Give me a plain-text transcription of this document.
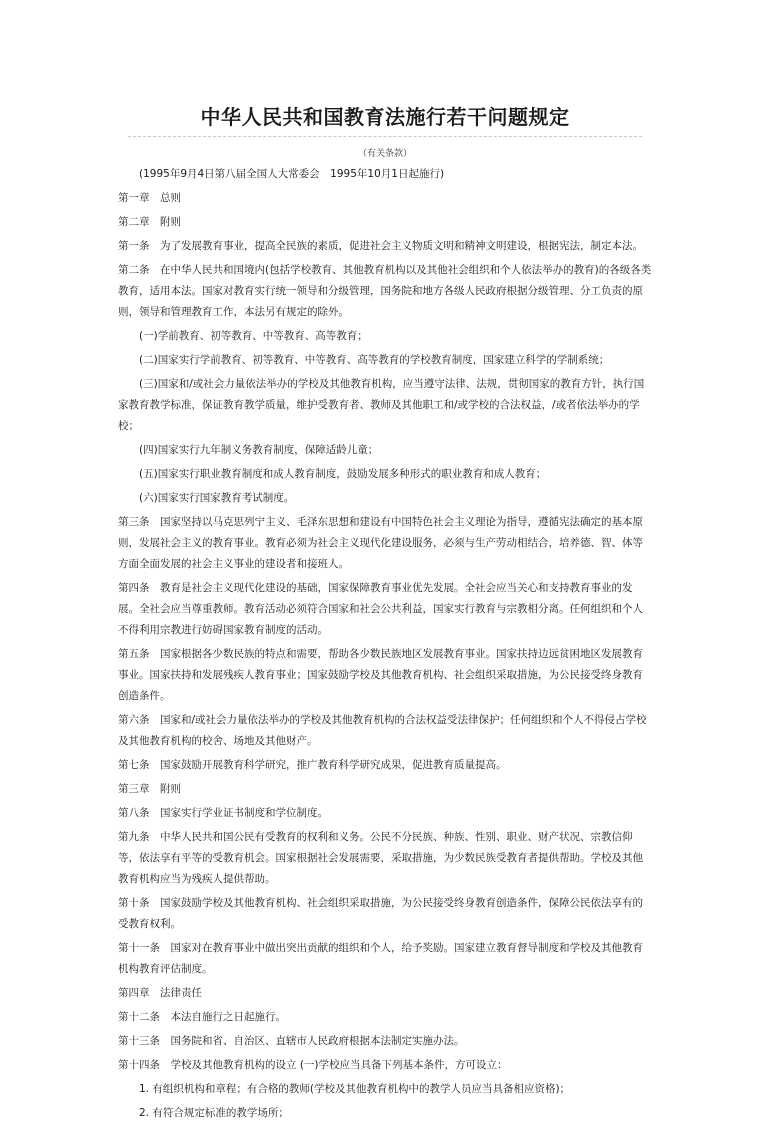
中华人民共和国教育法施行若干问题规定
（有关条款）

　　(1995年9月4日第八届全国人大常委会　1995年10月1日起施行)

第一章　总则

第二章　附则

第一条　为了发展教育事业，提高全民族的素质，促进社会主义物质文明和精神文明建设，根据宪法，制定本法。

第二条　在中华人民共和国境内(包括学校教育、其他教育机构以及其他社会组织和个人依法举办的教育)的各级各类教育，适用本法。国家对教育实行统一领导和分级管理，国务院和地方各级人民政府根据分级管理、分工负责的原则，领导和管理教育工作，本法另有规定的除外。

　　(一)学前教育、初等教育、中等教育、高等教育；

　　(二)国家实行学前教育、初等教育、中等教育、高等教育的学校教育制度，国家建立科学的学制系统；

　　(三)国家和/或社会力量依法举办的学校及其他教育机构，应当遵守法律、法规，贯彻国家的教育方针，执行国家教育教学标准，保证教育教学质量，维护受教育者、教师及其他职工和/或学校的合法权益，/或者依法举办的学校；

　　(四)国家实行九年制义务教育制度，保障适龄儿童；

　　(五)国家实行职业教育制度和成人教育制度，鼓励发展多种形式的职业教育和成人教育；

　　(六)国家实行国家教育考试制度。

第三条　国家坚持以马克思列宁主义、毛泽东思想和建设有中国特色社会主义理论为指导，遵循宪法确定的基本原则，发展社会主义的教育事业。教育必须为社会主义现代化建设服务，必须与生产劳动相结合，培养德、智、体等方面全面发展的社会主义事业的建设者和接班人。

第四条　教育是社会主义现代化建设的基础，国家保障教育事业优先发展。全社会应当关心和支持教育事业的发展。全社会应当尊重教师。教育活动必须符合国家和社会公共利益，国家实行教育与宗教相分离。任何组织和个人不得利用宗教进行妨碍国家教育制度的活动。

第五条　国家根据各少数民族的特点和需要，帮助各少数民族地区发展教育事业。国家扶持边远贫困地区发展教育事业。国家扶持和发展残疾人教育事业；国家鼓励学校及其他教育机构、社会组织采取措施，为公民接受终身教育创造条件。

第六条　国家和/或社会力量依法举办的学校及其他教育机构的合法权益受法律保护；任何组织和个人不得侵占学校及其他教育机构的校舍、场地及其他财产。

第七条　国家鼓励开展教育科学研究，推广教育科学研究成果，促进教育质量提高。

第三章　附则

第八条　国家实行学业证书制度和学位制度。

第九条　中华人民共和国公民有受教育的权利和义务。公民不分民族、种族、性别、职业、财产状况、宗教信仰等，依法享有平等的受教育机会。国家根据社会发展需要，采取措施，为少数民族受教育者提供帮助。学校及其他教育机构应当为残疾人提供帮助。

第十条　国家鼓励学校及其他教育机构、社会组织采取措施，为公民接受终身教育创造条件，保障公民依法享有的受教育权利。

第十一条　国家对在教育事业中做出突出贡献的组织和个人，给予奖励。国家建立教育督导制度和学校及其他教育机构教育评估制度。

第四章　法律责任

第十二条　本法自施行之日起施行。

第十三条　国务院和省、自治区、直辖市人民政府根据本法制定实施办法。

第十四条　学校及其他教育机构的设立 (一)学校应当具备下列基本条件，方可设立：

　　1. 有组织机构和章程；有合格的教师(学校及其他教育机构中的教学人员应当具备相应资格)；

　　2. 有符合规定标准的教学场所；
